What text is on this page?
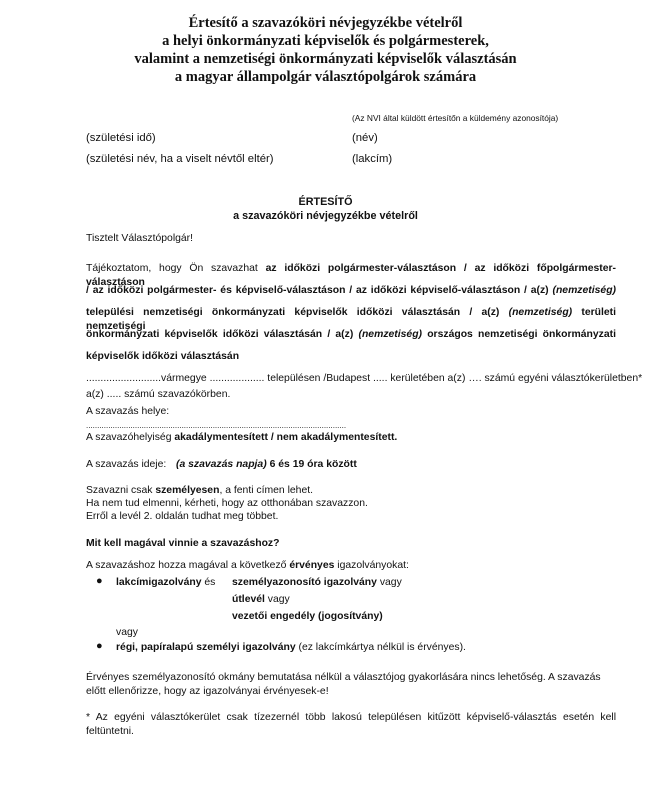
Értesítő a szavazóköri névjegyzékbe vételről
a helyi önkormányzati képviselők és polgármesterek,
valamint a nemzetiségi önkormányzati képviselők választásán
a magyar állampolgár választópolgárok számára
(Az NVI által küldött értesítőn a küldemény azonosítója)
(születési idő)	(név)
(születési név, ha a viselt névtől eltér)	(lakcím)
ÉRTESÍTŐ
a szavazóköri névjegyzékbe vételről
Tisztelt Választópolgár!
Tájékoztatom, hogy Ön szavazhat az időközi polgármester-választáson / az időközi főpolgármester-választáson
/ az időközi polgármester- és képviselő-választáson / az időközi képviselő-választáson / a(z) (nemzetiség)
települési nemzetiségi önkormányzati képviselők időközi választásán / a(z) (nemzetiség) területi nemzetiségi
önkormányzati képviselők időközi választásán / a(z) (nemzetiség) országos nemzetiségi önkormányzati
képviselők időközi választásán
..........................vármegye ................... településen /Budapest ..... kerületében a(z) …. számú egyéni választókerületben*
a(z) ..... számú szavazókörben.
A szavazás helye:
.....................................................................................................................
A szavazóhelyiség akadálymentesített / nem akadálymentesített.
A szavazás ideje: (a szavazás napja) 6 és 19 óra között
Szavazni csak személyesen, a fenti címen lehet.
Ha nem tud elmenni, kérheti, hogy az otthonában szavazzon.
Erről a levél 2. oldalán tudhat meg többet.
Mit kell magával vinnie a szavazáshoz?
A szavazáshoz hozza magával a következő érvényes igazolványokat:
● lakcímigazolvány és személyazonosító igazolvány vagy
útlevél vagy
vezetői engedély (jogosítvány)
vagy
● régi, papíralapú személyi igazolvány (ez lakcímkártya nélkül is érvényes).
Érvényes személyazonosító okmány bemutatása nélkül a választójog gyakorlására nincs lehetőség. A szavazás előtt ellenőrizze, hogy az igazolványai érvényesek-e!
* Az egyéni választókerület csak tízezernél több lakosú településen kitűzött képviselő-választás esetén kell feltüntetni.
